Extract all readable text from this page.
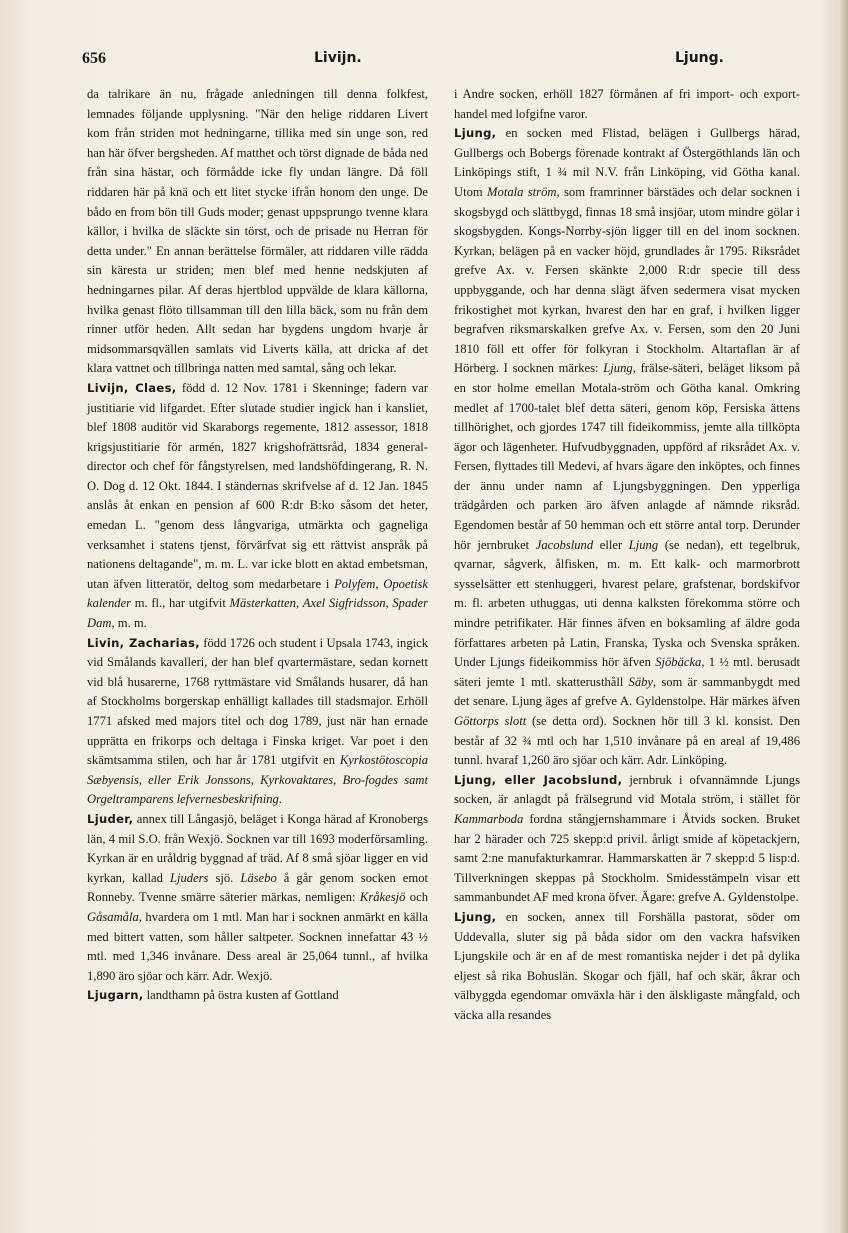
656	Livijn.	Ljung.

da talrikare än nu, frågade anledningen till denna folkfest, lemnades följande upplysning. "När den helige riddaren Livert kom från striden mot hedningarne, tillika med sin unge son, red han här öfver bergsheden. Af matthet och törst dignade de båda ned från sina hästar, och förmådde icke fly undan längre. Då föll riddaren här på knä och ett litet stycke ifrån honom den unge. De bådo en from bön till Guds moder; genast uppsprungo tvenne klara källor, i hvilka de släckte sin törst, och de prisade nu Herran för detta under." En annan berättelse förmäler, att riddaren ville rädda sin käresta ur striden; men blef med henne nedskjuten af hedningarnes pilar. Af deras hjertblod uppvälde de klara källorna, hvilka genast flöto tillsamman till den lilla bäck, som nu från dem rinner utför heden. Allt sedan har bygdens ungdom hvarje år midsommarsqvällen samlats vid Liverts källa, att dricka af det klara vattnet och tillbringa natten med samtal, sång och lekar.

Livijn, Claes, född d. 12 Nov. 1781 i Skenninge; fadern var justitiarie vid lifgardet. Efter slutade studier ingick han i kansliet, blef 1808 auditör vid Skaraborgs regemente, 1812 assessor, 1818 krigsjustitiarie för armén, 1827 krigshofrättsråd, 1834 general-director och chef för fångstyrelsen, med landshöfdingerang, R. N. O. Dog d. 12 Okt. 1844. I ständernas skrifvelse af d. 12 Jan. 1845 anslås åt enkan en pension af 600 R:dr B:ko såsom det heter, emedan L. "genom dess långvariga, utmärkta och gagneliga verksamhet i statens tjenst, förvärfvat sig ett rättvist anspråk på nationens deltagande", m. m. L. var icke blott en aktad embetsman, utan äfven litteratör, deltog som medarbetare i Polyfem, Opoetisk kalender m. fl., har utgifvit Mästerkatten, Axel Sigfridsson, Spader Dam, m. m.

Livin, Zacharias, född 1726 och student i Upsala 1743, ingick vid Smålands kavalleri, der han blef qvartermästare, sedan kornett vid blå husarerne, 1768 ryttmästare vid Smålands husarer, då han af Stockholms borgerskap enhälligt kallades till stadsmajor. Erhöll 1771 afsked med majors titel och dog 1789, just när han ernade upprätta en frikorps och deltaga i Finska kriget. Var poet i den skämtsamma stilen, och har år 1781 utgifvit en Kyrkostötoscopia Sæbyensis, eller Erik Jonssons, Kyrkovaktares, Bro-fogdes samt Orgeltramparens lefvernesbeskrifning.

Ljuder, annex till Långasjö, beläget i Konga härad af Kronobergs län, 4 mil S.O. från Wexjö. Socknen var till 1693 moderförsamling. Kyrkan är en uråldrig byggnad af träd. Af 8 små sjöar ligger en vid kyrkan, kallad Ljuders sjö. Läsebo å går genom socken emot Ronneby. Tvenne smärre säterier märkas, nemligen: Kråkesjö och Gåsamåla, hvardera om 1 mtl. Man har i socknen anmärkt en källa med bittert vatten, som håller saltpeter. Socknen innefattar 43 ½ mtl. med 1,346 invånare. Dess areal är 25,064 tunnl., af hvilka 1,890 äro sjöar och kärr. Adr. Wexjö.

Ljugarn, landthamn på östra kusten af Gottland

i Andre socken, erhöll 1827 förmånen af fri import- och export-handel med lofgifne varor.

Ljung, en socken med Flistad, belägen i Gullbergs härad, Gullbergs och Bobergs förenade kontrakt af Östergöthlands län och Linköpings stift, 1 ¾ mil N.V. från Linköping, vid Götha kanal. Utom Motala ström, som framrinner bärstädes och delar socknen i skogsbygd och slättbygd, finnas 18 små insjöar, utom mindre gölar i skogsbygden. Kongs-Norrby-sjön ligger till en del inom socknen. Kyrkan, belägen på en vacker höjd, grundlades år 1795. Riksrådet grefve Ax. v. Fersen skänkte 2,000 R:dr specie till dess uppbyggande, och har denna slägt äfven sedermera visat mycken frikostighet mot kyrkan, hvarest den har en graf, i hvilken ligger begrafven riksmarskalken grefve Ax. v. Fersen, som den 20 Juni 1810 föll ett offer för folkyran i Stockholm. Altartaflan är af Hörberg. I socknen märkes: Ljung, frälse-säteri, beläget liksom på en stor holme emellan Motala-ström och Götha kanal. Omkring medlet af 1700-talet blef detta säteri, genom köp, Fersiska ättens tillhörighet, och gjordes 1747 till fideikommiss, jemte alla tillköpta ägor och lägenheter. Hufvudbyggnaden, uppförd af riksrådet Ax. v. Fersen, flyttades till Medevi, af hvars ägare den inköptes, och finnes der ännu under namn af Ljungsbyggningen. Den ypperliga trädgården och parken äro äfven anlagde af nämnde riksråd. Egendomen består af 50 hemman och ett större antal torp. Derunder hör jernbruket Jacobslund eller Ljung (se nedan), ett tegelbruk, qvarnar, sågverk, ålfisken, m. m. Ett kalk- och marmorbrott sysselsätter ett stenhuggeri, hvarest pelare, grafstenar, bordskifvor m. fl. arbeten uthuggas, uti denna kalksten förekomma större och mindre petrifikater. Här finnes äfven en boksamling af äldre goda författares arbeten på Latin, Franska, Tyska och Svenska språken. Under Ljungs fideikommiss hör äfven Sjöbäcka, 1 ½ mtl. berusadt säteri jemte 1 mtl. skatterusthåll Säby, som är sammanbygdt med det senare. Ljung äges af grefve A. Gyldenstolpe. Här märkes äfven Göttorps slott (se detta ord). Socknen hör till 3 kl. konsist. Den består af 32 ¾ mtl och har 1,510 invånare på en areal af 19,486 tunnl. hvaraf 1,260 äro sjöar och kärr. Adr. Linköping.

Ljung, eller Jacobslund, jernbruk i ofvannämnde Ljungs socken, är anlagdt på frälsegrund vid Motala ström, i stället för Kammarboda fordna stångjernshammare i Åtvids socken. Bruket har 2 härader och 725 skepp:d privil. årligt smide af köpetackjern, samt 2:ne manufakturkamrar. Hammarskatten är 7 skepp:d 5 lisp:d. Tillverkningen skeppas på Stockholm. Smidesstämpeln visar ett sammanbundet AF med krona öfver. Ägare: grefve A. Gyldenstolpe.

Ljung, en socken, annex till Forshälla pastorat, söder om Uddevalla, sluter sig på båda sidor om den vackra hafsviken Ljungskile och är en af de mest romantiska nejder i det på dylika eljest så rika Bohuslän. Skogar och fjäll, haf och skär, åkrar och välbyggda egendomar omväxla här i den älskligaste mångfald, och väcka alla resandes
